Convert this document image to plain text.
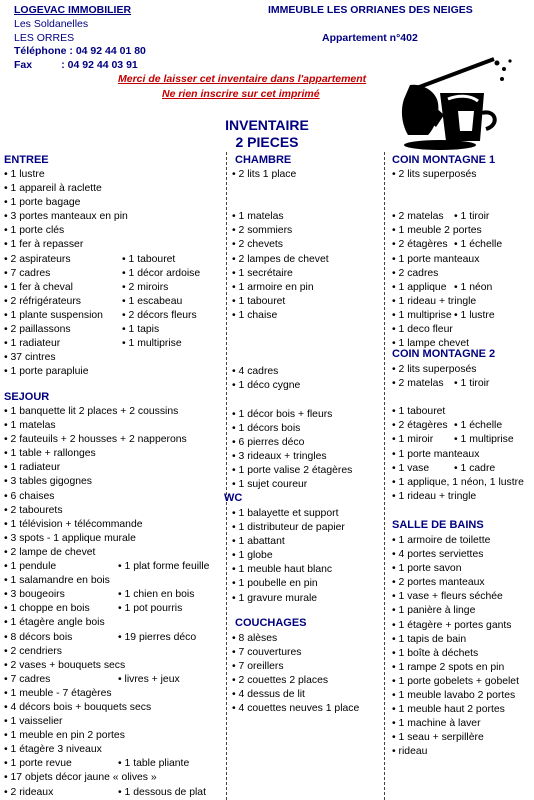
LOGEVAC IMMOBILIER
Les Soldanelles
LES ORRES
Téléphone : 04 92 44 01 80
Fax          : 04 92 44 03 91
IMMEUBLE LES ORRIANES DES NEIGES
Appartement n°402
Merci de laisser cet inventaire dans l'appartement
Ne rien inscrire sur cet imprimé
INVENTAIRE
2 PIECES
ENTREE
• 1 lustre
• 1 appareil à raclette
• 1 porte bagage
• 3 portes manteaux en pin
• 1 porte clés
• 1 fer à repasser
• 2 aspirateurs	• 1 tabouret
• 7 cadres	• 1 décor ardoise
• 1 fer à cheval	• 2 miroirs
• 2 réfrigérateurs	• 1 escabeau
• 1 plante suspension • 2 décors fleurs
• 2 paillassons	• 1 tapis
• 1 radiateur	• 1 multiprise
• 37 cintres
• 1 porte parapluie
SEJOUR
• 1 banquette lit 2 places + 2 coussins
• 1 matelas
• 2 fauteuils + 2 housses + 2 napperons
• 1 table + rallonges
• 1 radiateur
• 3 tables gigognes
• 6 chaises
• 2 tabourets
• 1 télévision + télécommande
• 3 spots - 1 applique murale
• 2 lampe de chevet
• 1 pendule	• 1 plat forme feuille
• 1 salamandre en bois
• 3 bougeoirs	• 1 chien en bois
• 1 choppe en bois	• 1 pot pourris
• 1 étagère angle bois
• 8 décors bois	• 19 pierres déco
• 2 cendriers
• 2 vases + bouquets secs
• 7 cadres	• livres + jeux
• 1 meuble - 7 étagères
• 4 décors bois + bouquets secs
• 1 vaisselier
• 1 meuble en pin 2 portes
• 1 étagère 3 niveaux
• 1 porte revue	• 1 table pliante
• 17 objets décor jaune « olives »
• 2 rideaux	• 1 dessous de plat
CHAMBRE
• 2 lits 1 place
• 1 matelas
• 2 sommiers
• 2 chevets
• 2 lampes de chevet
• 1 secrétaire
• 1 armoire en pin
• 1 tabouret
• 1 chaise
• 4 cadres
• 1 déco cygne
• 1 décor bois + fleurs
• 1 décors bois
• 6 pierres déco
• 3 rideaux + tringles
• 1 porte valise 2 étagères
• 1 sujet coureur
WC
• 1 balayette et support
• 1 distributeur de papier
• 1 abattant
• 1 globe
• 1 meuble haut blanc
• 1 poubelle en pin
• 1 gravure murale
COUCHAGES
• 8 alèses
• 7 couvertures
• 7 oreillers
• 2 couettes 2 places
• 4 dessus de lit
• 4 couettes neuves 1 place
COIN MONTAGNE 1
• 2 lits superposés
• 2 matelas • 1 tiroir
• 1 meuble 2 portes
• 2 étagères • 1 échelle
• 1 porte manteaux
• 2 cadres
• 1 applique • 1 néon
• 1 rideau + tringle
• 1 multiprise • 1 lustre
• 1 deco fleur
• 1 lampe chevet
COIN MONTAGNE 2
• 2 lits superposés
• 2 matelas • 1 tiroir
• 1 tabouret
• 2 étagères • 1 échelle
• 1 miroir • 1 multiprise
• 1 porte manteaux
• 1 vase • 1 cadre
• 1 applique, 1 néon, 1 lustre
• 1 rideau + tringle
SALLE DE BAINS
• 1 armoire de toilette
• 4 portes serviettes
• 1 porte savon
• 2 portes manteaux
• 1 vase + fleurs séchée
• 1 panière à linge
• 1 étagère + portes gants
• 1 tapis de bain
• 1 boîte à déchets
• 1 rampe 2 spots en pin
• 1 porte gobelets + gobelet
• 1 meuble lavabo 2 portes
• 1 meuble haut 2 portes
• 1 machine à laver
• 1 seau + serpillère
• rideau
